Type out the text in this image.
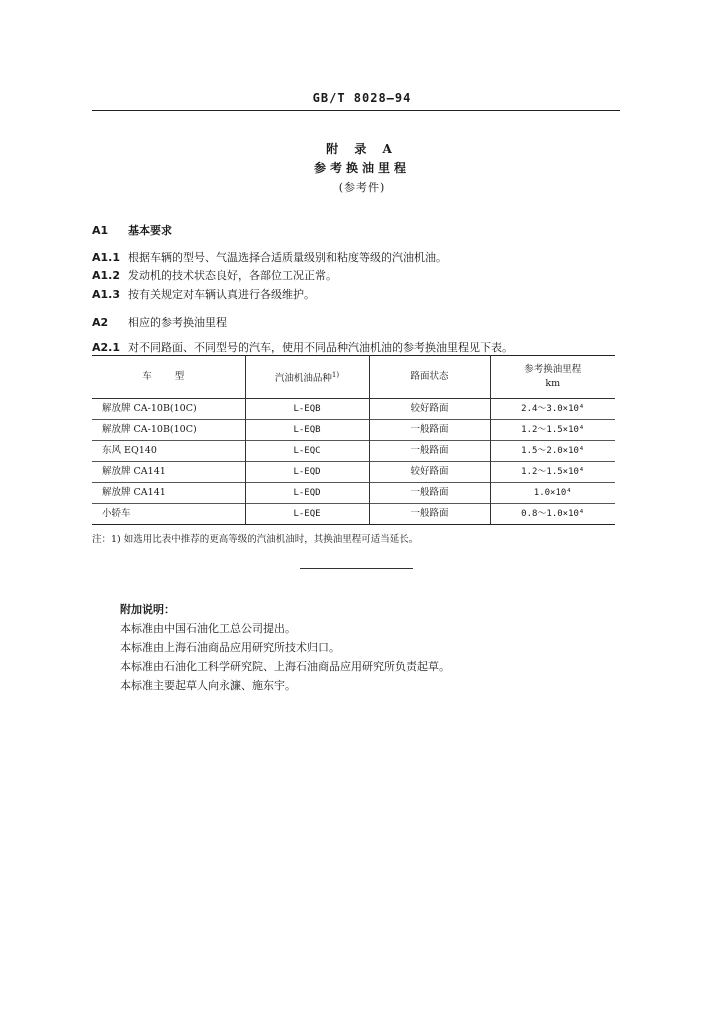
GB/T 8028—94
附 录 A
参考换油里程
(参考件)
A1 基本要求
A1.1 根据车辆的型号、气温选择合适质量级别和粘度等级的汽油机油。
A1.2 发动机的技术状态良好，各部位工况正常。
A1.3 按有关规定对车辆认真进行各级维护。
A2 相应的参考换油里程
A2.1 对不同路面、不同型号的汽车，使用不同品种汽油机油的参考换油里程见下表。
车 型	汽油机油品种$^{1)}$	路面状态	参考换油里程
km

解放牌 CA-10B(10C)	L-EQB	较好路面	2.4～3.0×10⁴
解放牌 CA-10B(10C)	L-EQB	一般路面	1.2～1.5×10⁴
东风 EQ140	L-EQC	一般路面	1.5～2.0×10⁴
解放牌 CA141	L-EQD	较好路面	1.2～1.5×10⁴
解放牌 CA141	L-EQD	一般路面	1.0×10⁴
小轿车	L-EQE	一般路面	0.8～1.0×10⁴
注：1) 如选用比表中推荐的更高等级的汽油机油时，其换油里程可适当延长。
附加说明：
本标准由中国石油化工总公司提出。
本标准由上海石油商品应用研究所技术归口。
本标准由石油化工科学研究院、上海石油商品应用研究所负责起草。
本标准主要起草人向永濂、施东宇。
